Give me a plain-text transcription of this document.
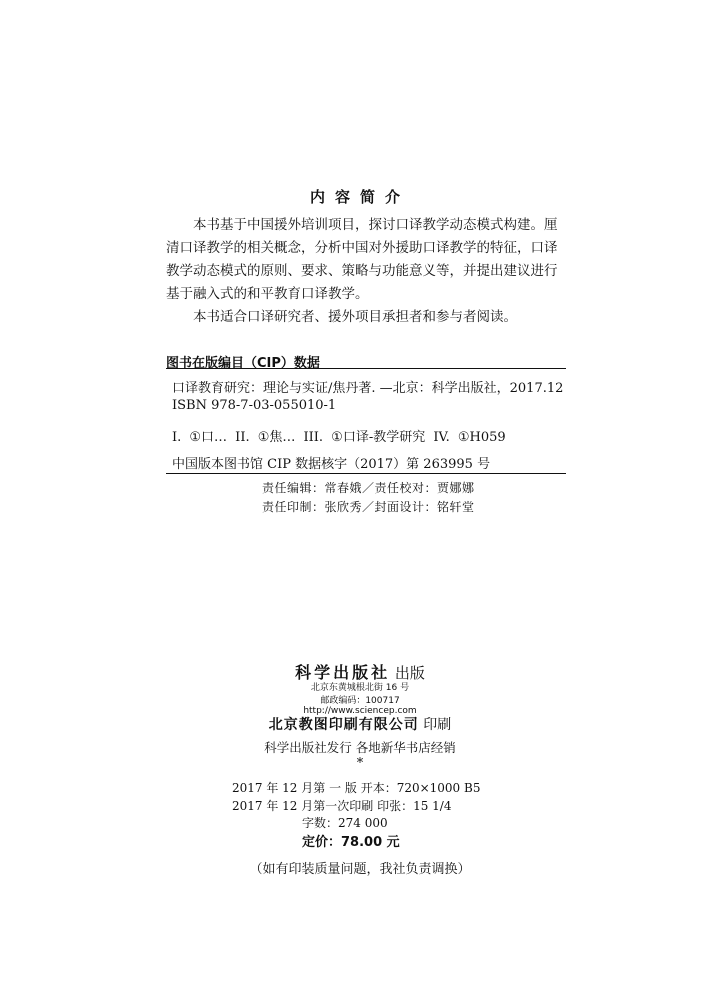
内容简介
本书基于中国援外培训项目，探讨口译教学动态模式构建。厘清口译教学的相关概念，分析中国对外援助口译教学的特征，口译教学动态模式的原则、要求、策略与功能意义等，并提出建议进行基于融入式的和平教育口译教学。
本书适合口译研究者、援外项目承担者和参与者阅读。
图书在版编目（CIP）数据
口译教育研究：理论与实证/焦丹著. —北京：科学出版社，2017.12
ISBN 978-7-03-055010-1
I. ①口… II. ①焦… III. ①口译-教学研究 IV. ①H059
中国版本图书馆 CIP 数据核字（2017）第 263995 号
责任编辑：常春娥／责任校对：贾娜娜
责任印制：张欣秀／封面设计：铭轩堂
科学出版社 出版
北京东黄城根北街 16 号
邮政编码：100717
http://www.sciencep.com
北京教图印刷有限公司 印刷
科学出版社发行 各地新华书店经销
*
2017 年 12 月第 一 版 开本：720×1000 B5
2017 年 12 月第一次印刷 印张：15 1/4
字数：274 000
定价：78.00 元
（如有印装质量问题，我社负责调换）
